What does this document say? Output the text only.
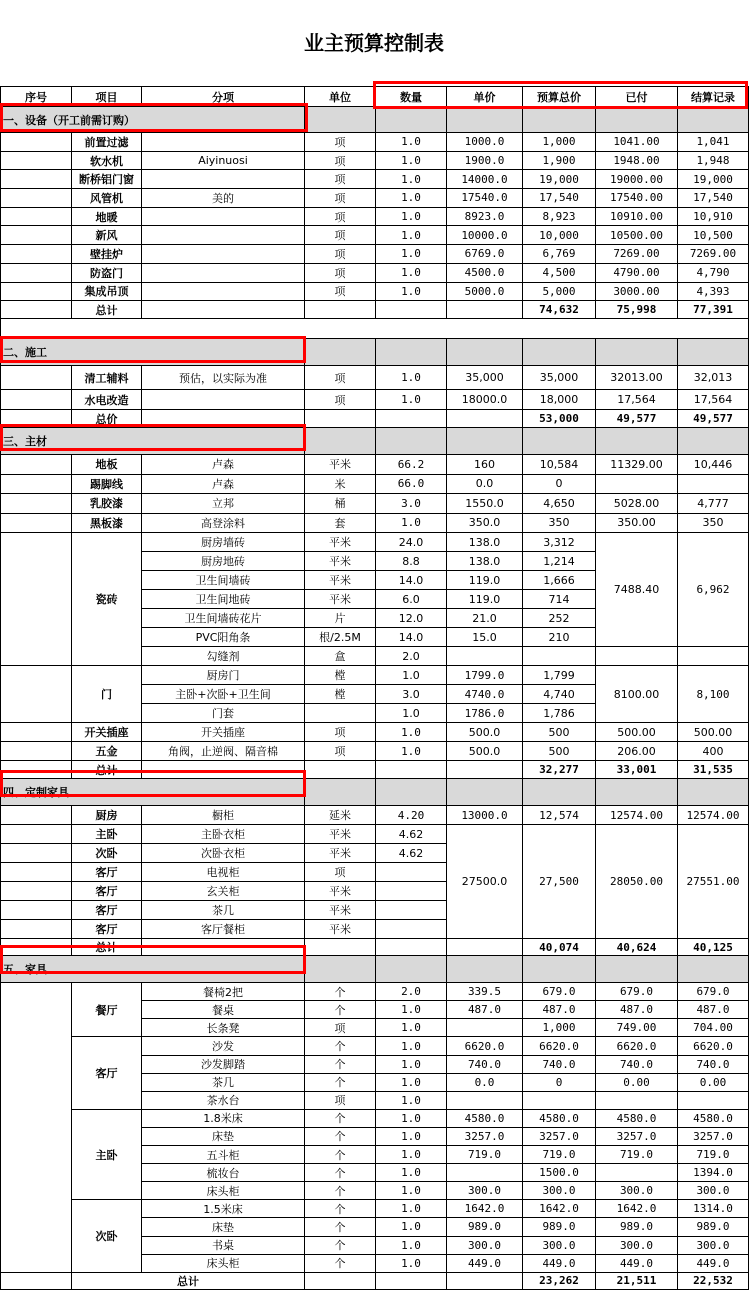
业主预算控制表
序号	项目	分项	单位	数量	单价	预算总价	已付	结算记录
一、设备（开工前需订购）								
	前置过滤		项	1.0	1000.0	1,000	1041.00	1,041
	软水机	Aiyinuosi	项	1.0	1900.0	1,900	1948.00	1,948
	断桥铝门窗		项	1.0	14000.0	19,000	19000.00	19,000
	风管机	美的	项	1.0	17540.0	17,540	17540.00	17,540
	地暖		项	1.0	8923.0	8,923	10910.00	10,910
	新风		项	1.0	10000.0	10,000	10500.00	10,500
	壁挂炉		项	1.0	6769.0	6,769	7269.00	7269.00
	防盗门		项	1.0	4500.0	4,500	4790.00	4,790
	集成吊顶		项	1.0	5000.0	5,000	3000.00	4,393
	总计					74,632	75,998	77,391

二、施工								
	清工辅料	预估，以实际为准	项	1.0	35,000	35,000	32013.00	32,013
	水电改造		项	1.0	18000.0	18,000	17,564	17,564
	总价					53,000	49,577	49,577
三、主材								
	地板	卢森	平米	66.2	160	10,584	11329.00	10,446
	踢脚线	卢森	米	66.0	0.0	0		
	乳胶漆	立邦	桶	3.0	1550.0	4,650	5028.00	4,777
	黑板漆	高登涂料	套	1.0	350.0	350	350.00	350
	瓷砖	厨房墙砖	平米	24.0	138.0	3,312	7488.40	6,962
		厨房地砖	平米	8.8	138.0	1,214		
		卫生间墙砖	平米	14.0	119.0	1,666		
		卫生间地砖	平米	6.0	119.0	714		
		卫生间墙砖花片	片	12.0	21.0	252		
		PVC阳角条	根/2.5M	14.0	15.0	210		
		勾缝剂	盒	2.0				
	门	厨房门	樘	1.0	1799.0	1,799	8100.00	8,100
		主卧+次卧+卫生间	樘	3.0	4740.0	4,740		
		门套		1.0	1786.0	1,786		
	开关插座	开关插座	项	1.0	500.0	500	500.00	500.00
	五金	角阀，止逆阀、隔音棉	项	1.0	500.0	500	206.00	400
	总计					32,277	33,001	31,535
四、定制家具								
	厨房	橱柜	延米	4.20	13000.0	12,574	12574.00	12574.00
	主卧	主卧衣柜	平米	4.62	27500.0	27,500	28050.00	27551.00
	次卧	次卧衣柜	平米	4.62				
	客厅	电视柜	项					
	客厅	玄关柜	平米					
	客厅	茶几	平米					
	客厅	客厅餐柜	平米					
	总计					40,074	40,624	40,125
五、家具								
	餐厅	餐椅2把	个	2.0	339.5	679.0	679.0	679.0
		餐桌	个	1.0	487.0	487.0	487.0	487.0
		长条凳	项	1.0		1,000	749.00	704.00
	客厅	沙发	个	1.0	6620.0	6620.0	6620.0	6620.0
		沙发脚踏	个	1.0	740.0	740.0	740.0	740.0
		茶几	个	1.0	0.0	0	0.00	0.00
		茶水台	项	1.0				
	主卧	1.8米床	个	1.0	4580.0	4580.0	4580.0	4580.0
		床垫	个	1.0	3257.0	3257.0	3257.0	3257.0
		五斗柜	个	1.0	719.0	719.0	719.0	719.0
		梳妆台	个	1.0		1500.0		1394.0
		床头柜	个	1.0	300.0	300.0	300.0	300.0
	次卧	1.5米床	个	1.0	1642.0	1642.0	1642.0	1314.0
		床垫	个	1.0	989.0	989.0	989.0	989.0
		书桌	个	1.0	300.0	300.0	300.0	300.0
		床头柜	个	1.0	449.0	449.0	449.0	449.0
	总计					23,262	21,511	22,532
